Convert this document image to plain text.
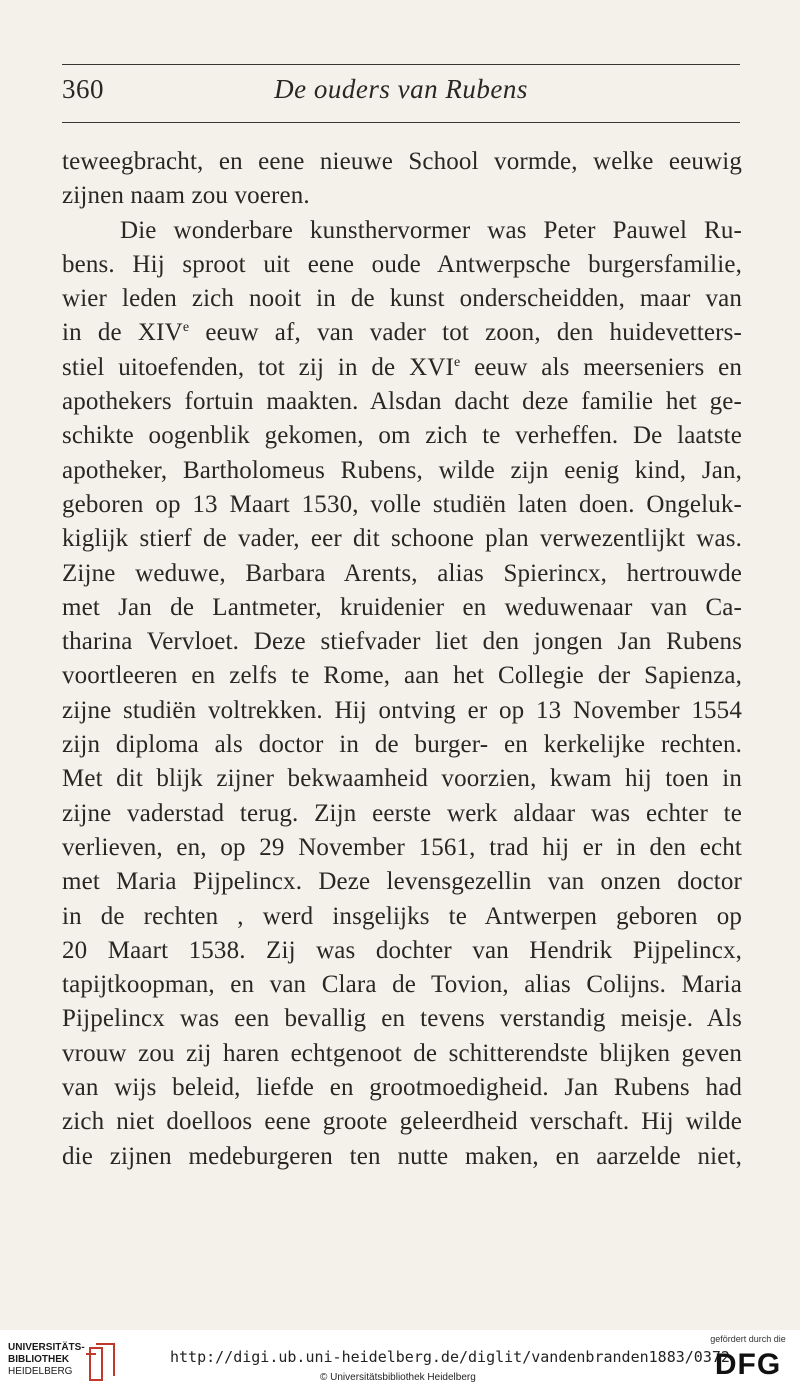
360	De ouders van Rubens
teweegbracht, en eene nieuwe School vormde, welke eeuwig
zijnen naam zou voeren.
Die wonderbare kunsthervormer was Peter Pauwel Ru-
bens. Hij sproot uit eene oude Antwerpsche burgersfamilie,
wier leden zich nooit in de kunst onderscheidden, maar van
in de XIVe eeuw af, van vader tot zoon, den huidevetters-
stiel uitoefenden, tot zij in de XVIe eeuw als meerseniers en
apothekers fortuin maakten. Alsdan dacht deze familie het ge-
schikte oogenblik gekomen, om zich te verheffen. De laatste
apotheker, Bartholomeus Rubens, wilde zijn eenig kind, Jan,
geboren op 13 Maart 1530, volle studiën laten doen. Ongeluk-
kiglijk stierf de vader, eer dit schoone plan verwezentlijkt was.
Zijne weduwe, Barbara Arents, alias Spierincx, hertrouwde
met Jan de Lantmeter, kruidenier en weduwenaar van Ca-
tharina Vervloet. Deze stiefvader liet den jongen Jan Rubens
voortleeren en zelfs te Rome, aan het Collegie der Sapienza,
zijne studiën voltrekken. Hij ontving er op 13 November 1554
zijn diploma als doctor in de burger- en kerkelijke rechten.
Met dit blijk zijner bekwaamheid voorzien, kwam hij toen in
zijne vaderstad terug. Zijn eerste werk aldaar was echter te
verlieven, en, op 29 November 1561, trad hij er in den echt
met Maria Pijpelincx. Deze levensgezellin van onzen doctor
in de rechten , werd insgelijks te Antwerpen geboren op
20 Maart 1538. Zij was dochter van Hendrik Pijpelincx,
tapijtkoopman, en van Clara de Tovion, alias Colijns. Maria
Pijpelincx was een bevallig en tevens verstandig meisje. Als
vrouw zou zij haren echtgenoot de schitterendste blijken geven
van wijs beleid, liefde en grootmoedigheid. Jan Rubens had
zich niet doelloos eene groote geleerdheid verschaft. Hij wilde
die zijnen medeburgeren ten nutte maken, en aarzelde niet,
UNIVERSITÄTS-
BIBLIOTHEK
HEIDELBERG
http://digi.ub.uni-heidelberg.de/diglit/vandenbranden1883/0372
© Universitätsbibliothek Heidelberg
gefördert durch die
DFG
